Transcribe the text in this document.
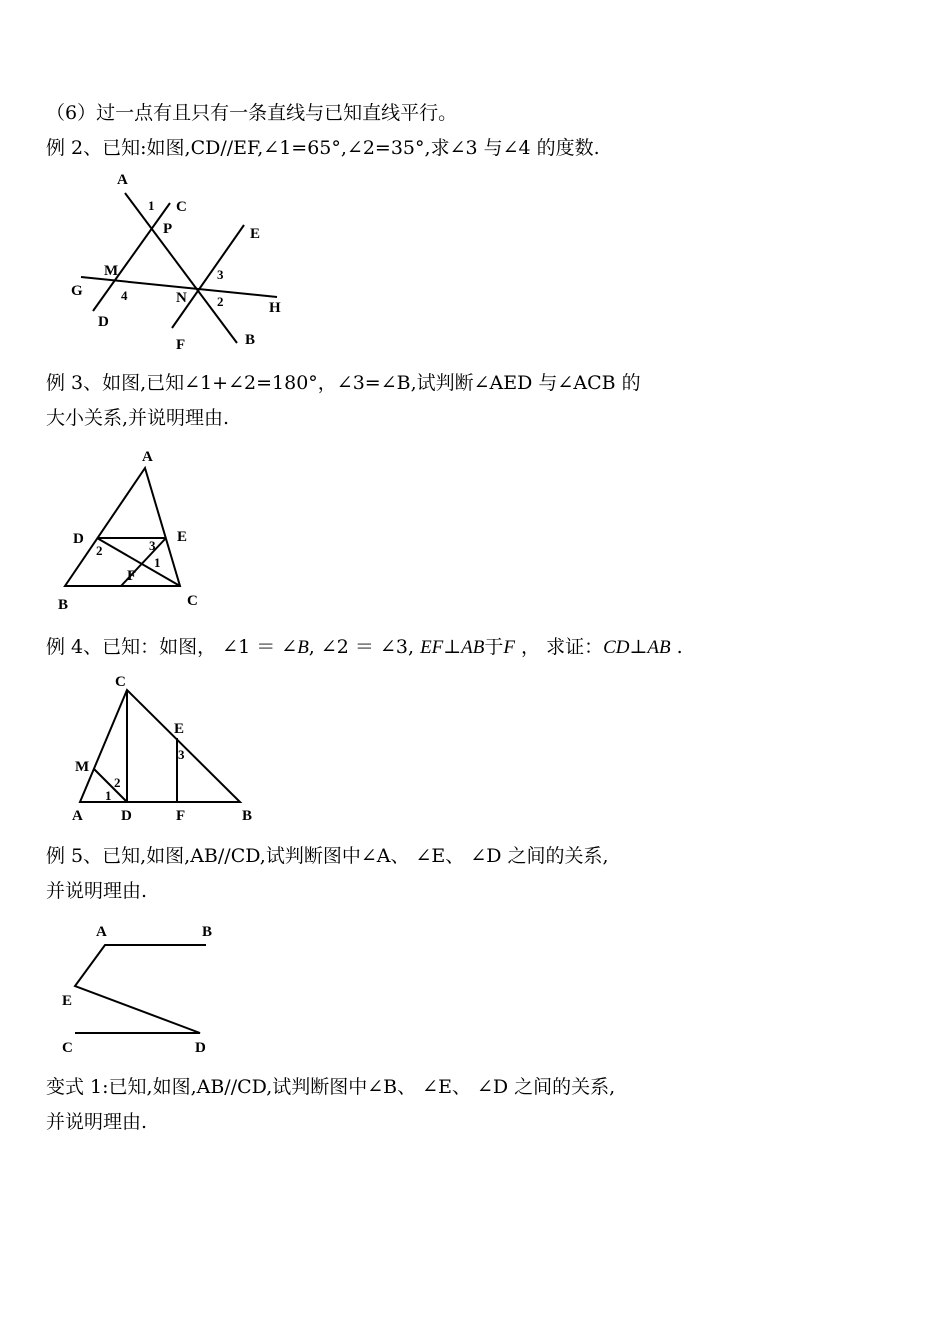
（6）过一点有且只有一条直线与已知直线平行。
例 2、已知:如图,CD//EF,∠1=65°,∠2=35°,求∠3 与∠4 的度数.
A
C
1
P	E
M	3
G	4	N 2	H
D
B
F
例 3、如图,已知∠1+∠2=180°，∠3=∠B,试判断∠AED 与∠ACB 的
大小关系,并说明理由.
A
D	E
2	3
1
F
B	C
例 4、已知：如图， ∠1 ＝ ∠B, ∠2 ＝ ∠3, EF⊥AB于F ， 求证：CD⊥AB .
C
E
3
M
2
1
A	D	F	B
例 5、已知,如图,AB//CD,试判断图中∠A、 ∠E、 ∠D 之间的关系,
并说明理由.
A	B
E
C	D
变式 1:已知,如图,AB//CD,试判断图中∠B、 ∠E、 ∠D 之间的关系,
并说明理由.
